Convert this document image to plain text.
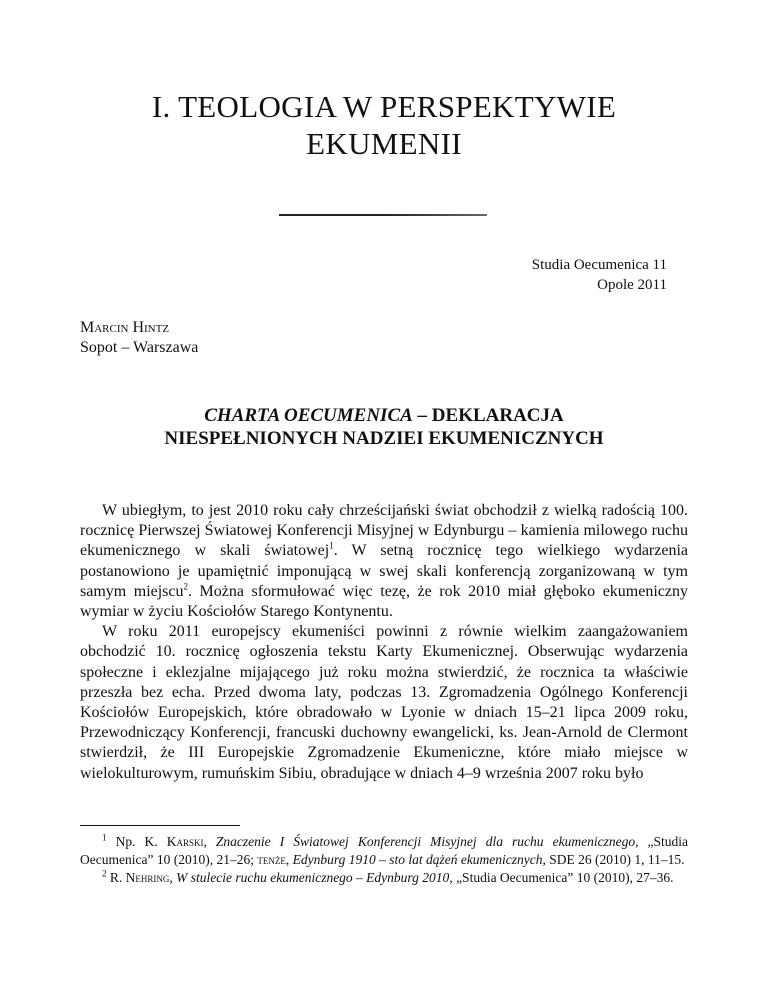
I. TEOLOGIA W PERSPEKTYWIE
EKUMENII
Studia Oecumenica 11
Opole 2011
Marcin Hintz
Sopot – Warszawa
CHARTA OECUMENICA – DEKLARACJA
NIESPEŁNIONYCH NADZIEI EKUMENICZNYCH

W ubiegłym, to jest 2010 roku cały chrześcijański świat obchodził z wielką radością 100. rocznicę Pierwszej Światowej Konferencji Misyjnej w Edynburgu – kamienia milowego ruchu ekumenicznego w skali światowej$^1$. W setną rocznicę tego wielkiego wydarzenia postanowiono je upamiętnić imponującą w swej skali konferencją zorganizowaną w tym samym miejscu$^2$. Można sformułować więc tezę, że rok 2010 miał głęboko ekumeniczny wymiar w życiu Kościołów Starego Kontynentu.

W roku 2011 europejscy ekumeniści powinni z równie wielkim zaangażowaniem obchodzić 10. rocznicę ogłoszenia tekstu Karty Ekumenicznej. Obserwując wydarzenia społeczne i eklezjalne mijającego już roku można stwierdzić, że rocznica ta właściwie przeszła bez echa. Przed dwoma laty, podczas 13. Zgromadzenia Ogólnego Konferencji Kościołów Europejskich, które obradowało w Lyonie w dniach 15–21 lipca 2009 roku, Przewodniczący Konferencji, francuski duchowny ewangelicki, ks. Jean-Arnold de Clermont stwierdził, że III Europejskie Zgromadzenie Ekumeniczne, które miało miejsce w wielokulturowym, rumuńskim Sibiu, obradujące w dniach 4–9 września 2007 roku było

$^1$ Np. K. Karski, Znaczenie I Światowej Konferencji Misyjnej dla ruchu ekumenicznego, „Studia Oecumenica” 10 (2010), 21–26; tenże, Edynburg 1910 – sto lat dążeń ekumenicznych, SDE 26 (2010) 1, 11–15.

$^2$ R. Nehring, W stulecie ruchu ekumenicznego – Edynburg 2010, „Studia Oecumenica” 10 (2010), 27–36.
